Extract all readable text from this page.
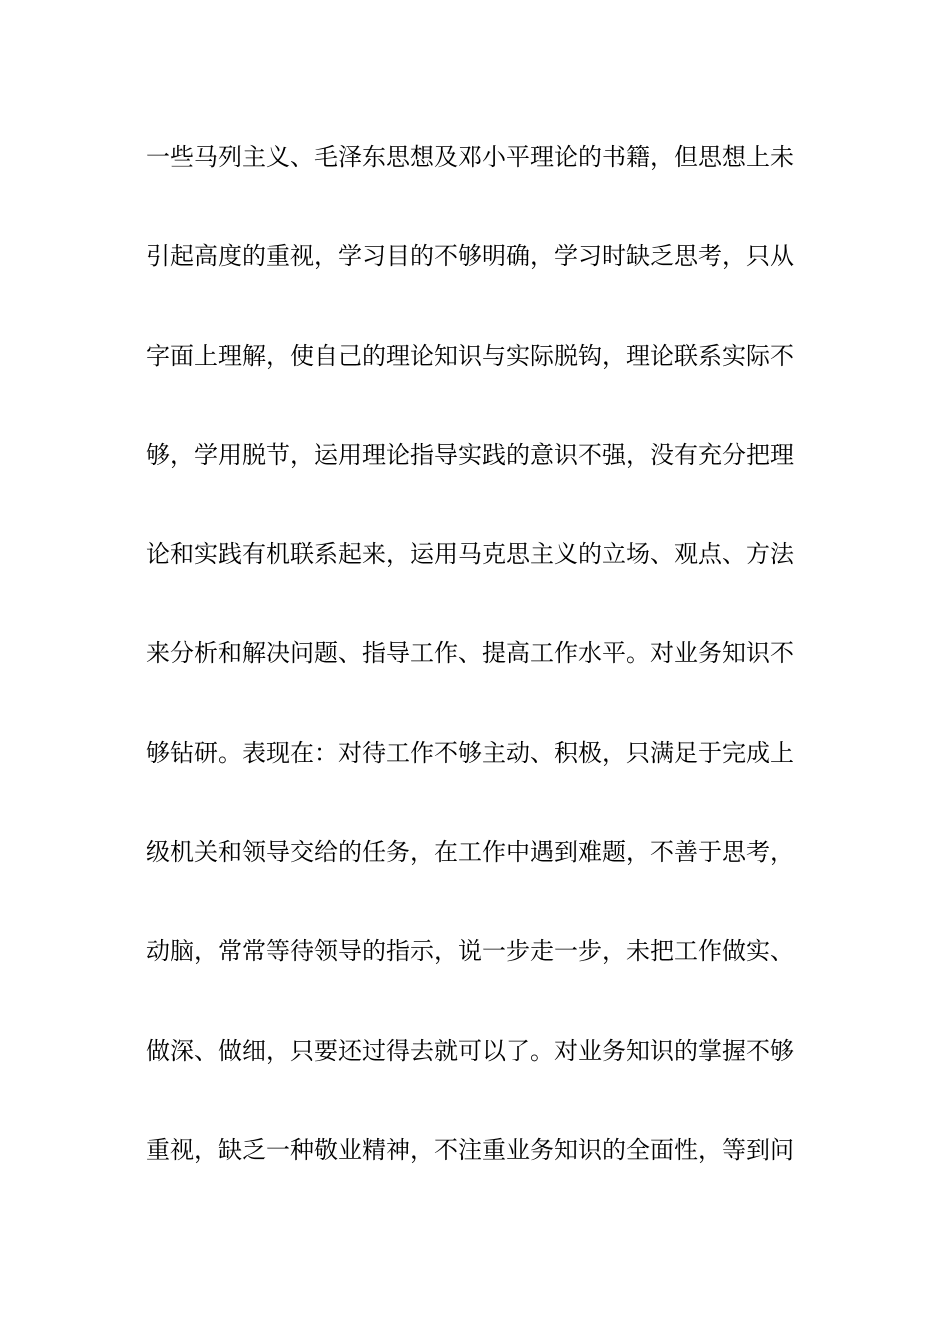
一些马列主义、毛泽东思想及邓小平理论的书籍，但思想上未
引起高度的重视，学习目的不够明确，学习时缺乏思考，只从
字面上理解，使自己的理论知识与实际脱钩，理论联系实际不
够，学用脱节，运用理论指导实践的意识不强，没有充分把理
论和实践有机联系起来，运用马克思主义的立场、观点、方法
来分析和解决问题、指导工作、提高工作水平。对业务知识不
够钻研。表现在：对待工作不够主动、积极，只满足于完成上
级机关和领导交给的任务，在工作中遇到难题，不善于思考，
动脑，常常等待领导的指示，说一步走一步，未把工作做实、
做深、做细，只要还过得去就可以了。对业务知识的掌握不够
重视，缺乏一种敬业精神，不注重业务知识的全面性，等到问
